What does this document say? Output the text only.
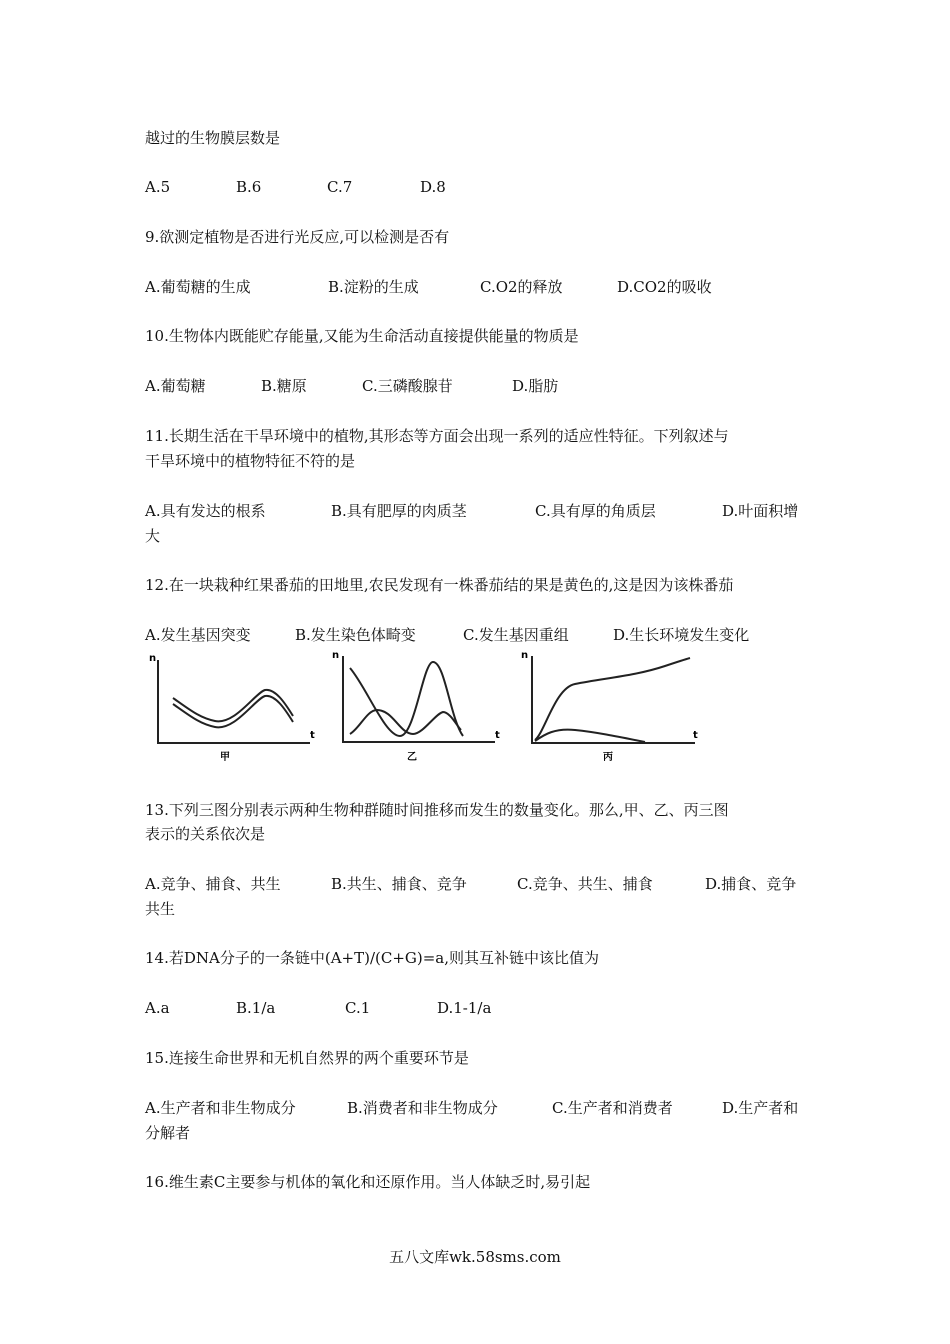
越过的生物膜层数是
A.5	B.6	C.7	D.8
9.欲测定植物是否进行光反应,可以检测是否有
A.葡萄糖的生成	B.淀粉的生成	C.O2的释放	D.CO2的吸收
10.生物体内既能贮存能量,又能为生命活动直接提供能量的物质是
A.葡萄糖	B.糖原	C.三磷酸腺苷	D.脂肪
11.长期生活在干旱环境中的植物,其形态等方面会出现一系列的适应性特征。下列叙述与
干旱环境中的植物特征不符的是
A.具有发达的根系	B.具有肥厚的肉质茎	C.具有厚的角质层	D.叶面积增
大
12.在一块栽种红果番茄的田地里,农民发现有一株番茄结的果是黄色的,这是因为该株番茄
A.发生基因突变	B.发生染色体畸变	C.发生基因重组	D.生长环境发生变化
n
t
甲
n
t
乙
n
t
丙
13.下列三图分别表示两种生物种群随时间推移而发生的数量变化。那么,甲、乙、丙三图
表示的关系依次是
A.竞争、捕食、共生	B.共生、捕食、竞争	C.竞争、共生、捕食	D.捕食、竞争
共生
14.若DNA分子的一条链中(A+T)/(C+G)=a,则其互补链中该比值为
A.a	B.1/a	C.1	D.1-1/a
15.连接生命世界和无机自然界的两个重要环节是
A.生产者和非生物成分	B.消费者和非生物成分	C.生产者和消费者	D.生产者和
分解者
16.维生素C主要参与机体的氧化和还原作用。当人体缺乏时,易引起
五八文库wk.58sms.com
